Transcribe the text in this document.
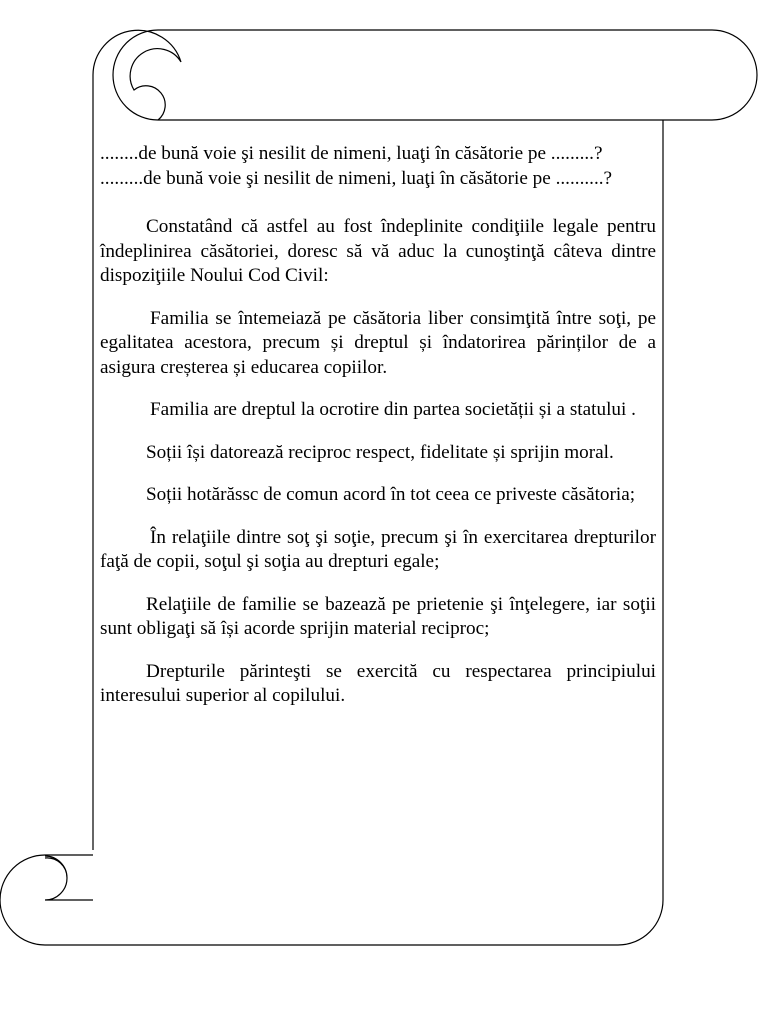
........de bună voie şi nesilit de nimeni, luaţi în căsătorie pe .........?

.........de bună voie şi nesilit de nimeni, luaţi în căsătorie pe ..........?

Constatând că astfel au fost îndeplinite condiţiile legale pentru îndeplinirea căsătoriei, doresc să vă aduc la cunoştinţă câteva dintre dispoziţiile Noului Cod Civil:

Familia se întemeiază pe căsătoria liber consimţită între soţi, pe egalitatea acestora, precum și dreptul și îndatorirea părinților de a asigura creșterea și educarea copiilor.

Familia are dreptul la ocrotire din partea societății și a statului .

Soții își datorează reciproc respect, fidelitate și sprijin moral.

Soții hotărăssc de comun acord în tot ceea ce priveste căsătoria;

În relaţiile dintre soţ şi soţie, precum şi în exercitarea drepturilor faţă de copii, soţul şi soţia au drepturi egale;

Relaţiile de familie se bazează pe prietenie şi înţelegere, iar soţii sunt obligaţi să își acorde sprijin material reciproc;

Drepturile părinteşti se exercită cu respectarea principiului interesului superior al copilului.
